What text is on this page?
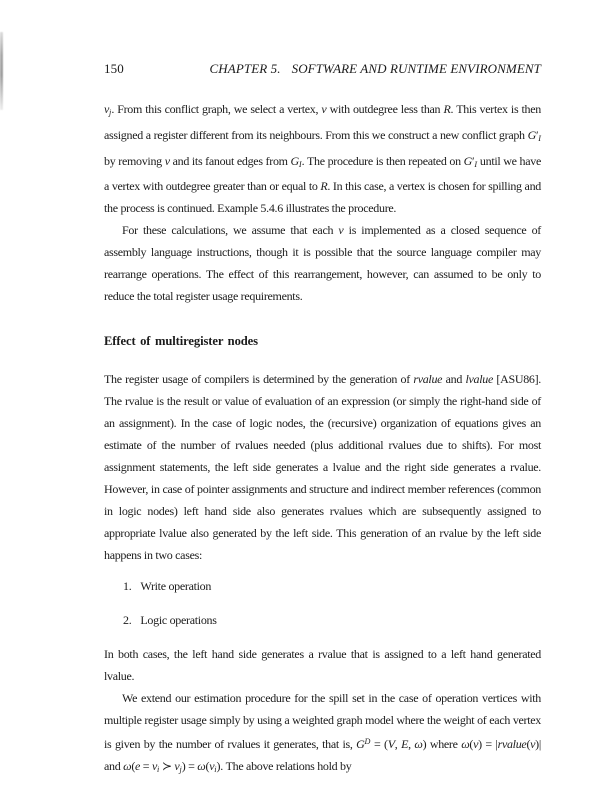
150	CHAPTER 5. SOFTWARE AND RUNTIME ENVIRONMENT

vj. From this conflict graph, we select a vertex, v with outdegree less than R. This vertex is then assigned a register different from its neighbours. From this we construct a new conflict graph G′I by removing v and its fanout edges from GI. The procedure is then repeated on G′I until we have a vertex with outdegree greater than or equal to R. In this case, a vertex is chosen for spilling and the process is continued. Example 5.4.6 illustrates the procedure.

For these calculations, we assume that each v is implemented as a closed sequence of assembly language instructions, though it is possible that the source language compiler may rearrange operations. The effect of this rearrangement, however, can assumed to be only to reduce the total register usage requirements.

Effect of multiregister nodes

The register usage of compilers is determined by the generation of rvalue and lvalue [ASU86]. The rvalue is the result or value of evaluation of an expression (or simply the right-hand side of an assignment). In the case of logic nodes, the (recursive) organization of equations gives an estimate of the number of rvalues needed (plus additional rvalues due to shifts). For most assignment statements, the left side generates a lvalue and the right side generates a rvalue. However, in case of pointer assignments and structure and indirect member references (common in logic nodes) left hand side also generates rvalues which are subsequently assigned to appropriate lvalue also generated by the left side. This generation of an rvalue by the left side happens in two cases:

1. Write operation
2. Logic operations

In both cases, the left hand side generates a rvalue that is assigned to a left hand generated lvalue.

We extend our estimation procedure for the spill set in the case of operation vertices with multiple register usage simply by using a weighted graph model where the weight of each vertex is given by the number of rvalues it generates, that is, $G^D = (V$, E, ω) where ω(v) = |rvalue(v)| and ω(e = vi ≻ vj) = ω(vi). The above relations hold by
